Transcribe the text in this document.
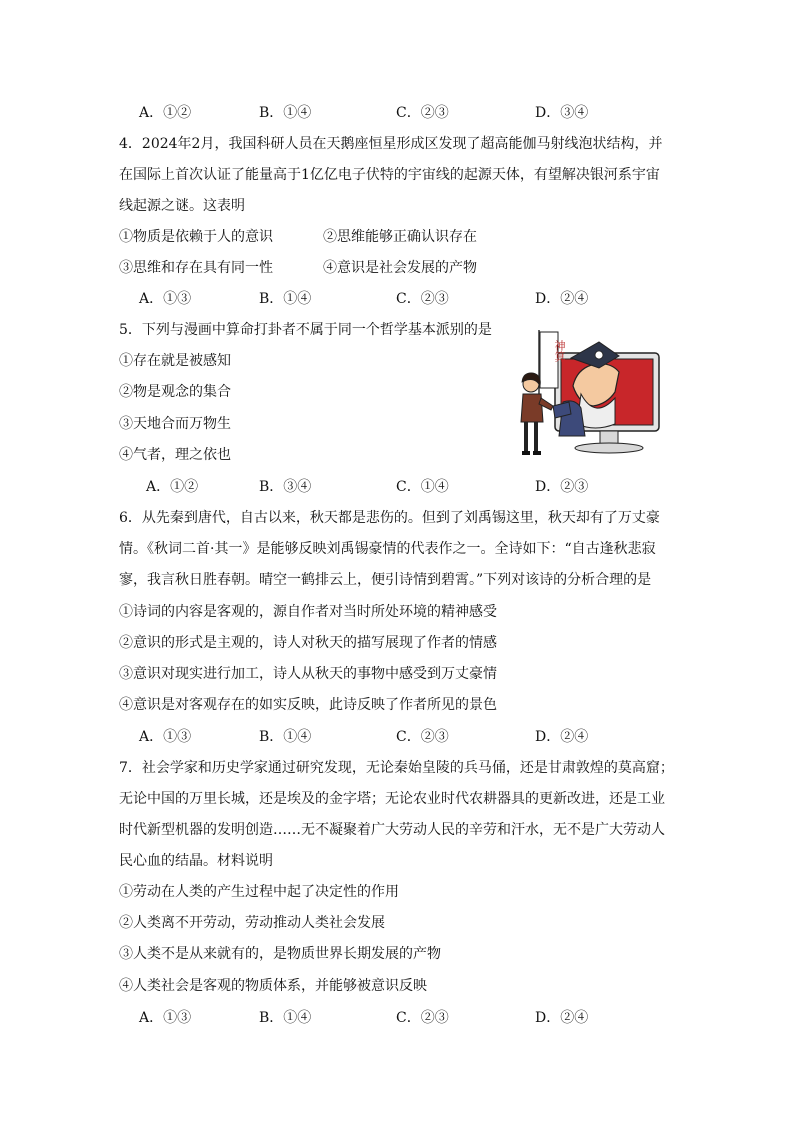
A．①②	B．①④	C．②③	D．③④
4．2024年2月，我国科研人员在天鹅座恒星形成区发现了超高能伽马射线泡状结构，并
在国际上首次认证了能量高于1亿亿电子伏特的宇宙线的起源天体，有望解决银河系宇宙
线起源之谜。这表明
①物质是依赖于人的意识	②思维能够正确认识存在
③思维和存在具有同一性	④意识是社会发展的产物
A．①③	B．①④	C．②③	D．②④
5．下列与漫画中算命打卦者不属于同一个哲学基本派别的是
①存在就是被感知
②物是观念的集合
③天地合而万物生
④气者，理之依也
在线算命
神算
A．①②	B．③④	C．①④	D．②③
6．从先秦到唐代，自古以来，秋天都是悲伤的。但到了刘禹锡这里，秋天却有了万丈豪
情。《秋词二首·其一》是能够反映刘禹锡豪情的代表作之一。全诗如下：“自古逢秋悲寂
寥，我言秋日胜春朝。晴空一鹤排云上，便引诗情到碧霄。”下列对该诗的分析合理的是
①诗词的内容是客观的，源自作者对当时所处环境的精神感受
②意识的形式是主观的，诗人对秋天的描写展现了作者的情感
③意识对现实进行加工，诗人从秋天的事物中感受到万丈豪情
④意识是对客观存在的如实反映，此诗反映了作者所见的景色
A．①③	B．①④	C．②③	D．②④
7．社会学家和历史学家通过研究发现，无论秦始皇陵的兵马俑，还是甘肃敦煌的莫高窟；
无论中国的万里长城，还是埃及的金字塔；无论农业时代农耕器具的更新改进，还是工业
时代新型机器的发明创造……无不凝聚着广大劳动人民的辛劳和汗水，无不是广大劳动人
民心血的结晶。材料说明
①劳动在人类的产生过程中起了决定性的作用
②人类离不开劳动，劳动推动人类社会发展
③人类不是从来就有的，是物质世界长期发展的产物
④人类社会是客观的物质体系，并能够被意识反映
A．①③	B．①④	C．②③	D．②④
